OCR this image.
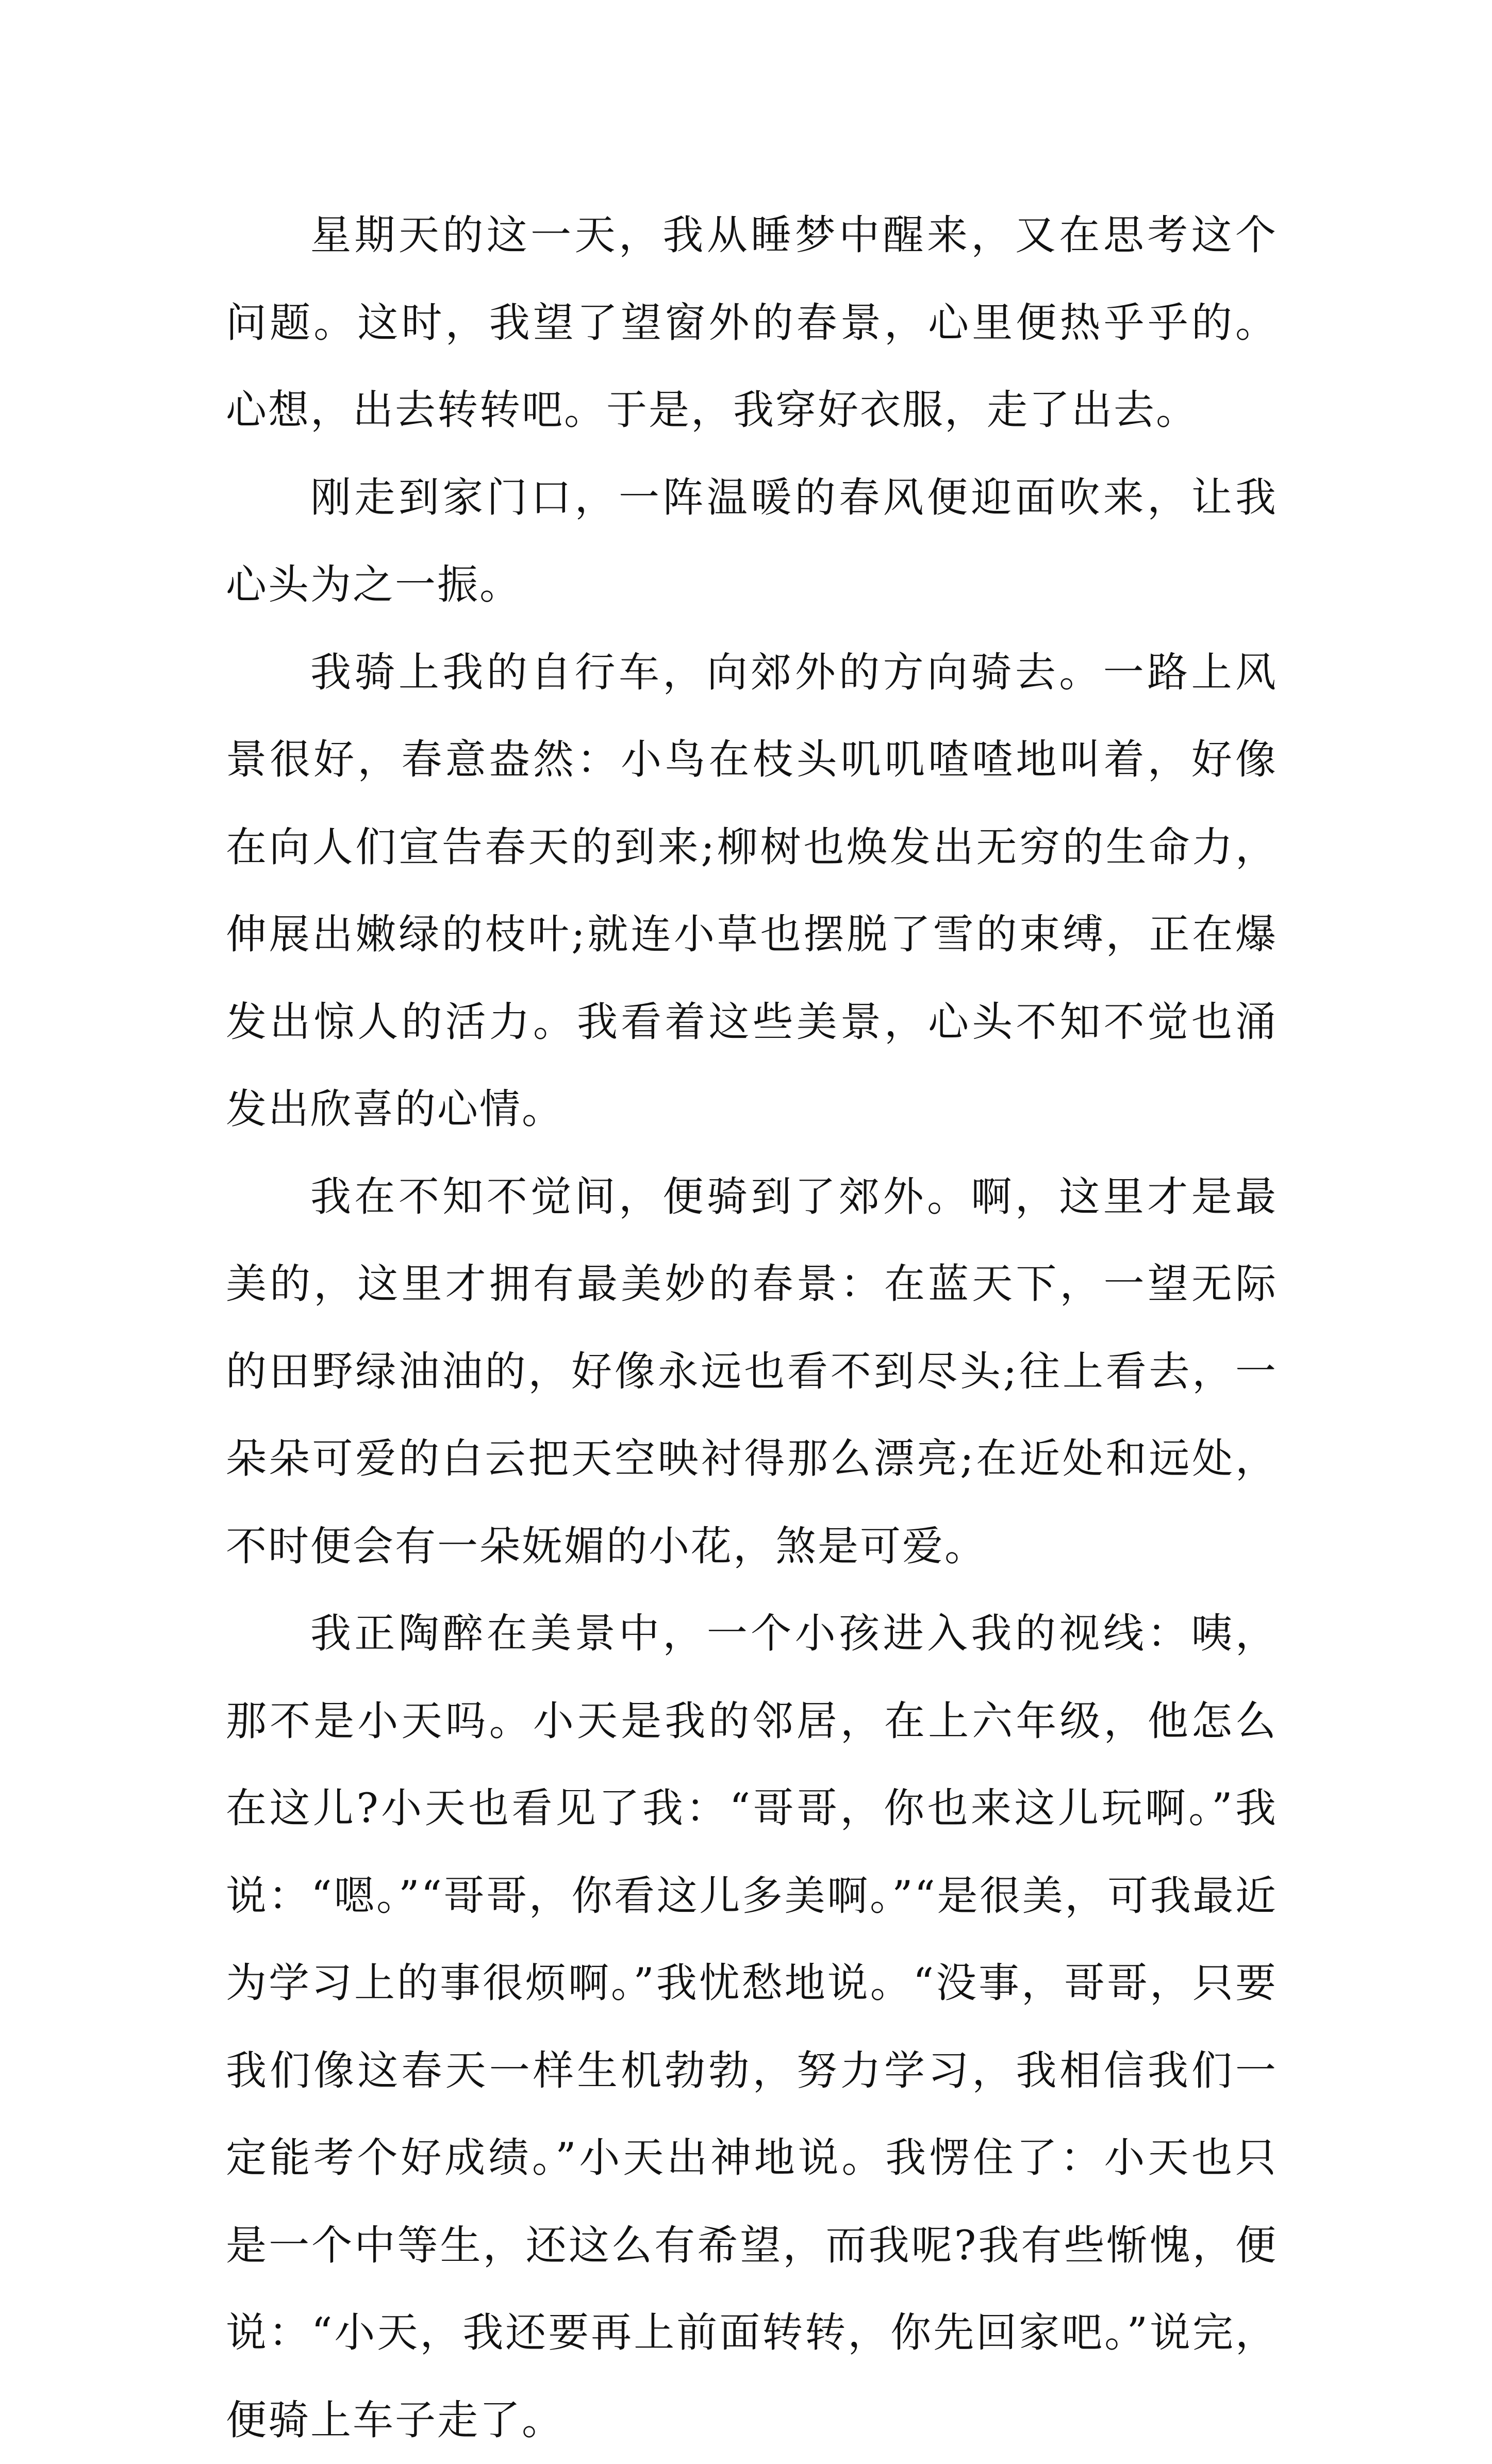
星期天的这一天，我从睡梦中醒来，又在思考这个问题。这时，我望了望窗外的春景，心里便热乎乎的。心想，出去转转吧。于是，我穿好衣服，走了出去。

刚走到家门口，一阵温暖的春风便迎面吹来，让我心头为之一振。

我骑上我的自行车，向郊外的方向骑去。一路上风景很好，春意盎然：小鸟在枝头叽叽喳喳地叫着，好像在向人们宣告春天的到来;柳树也焕发出无穷的生命力，伸展出嫩绿的枝叶;就连小草也摆脱了雪的束缚，正在爆发出惊人的活力。我看着这些美景，心头不知不觉也涌发出欣喜的心情。

我在不知不觉间，便骑到了郊外。啊，这里才是最美的，这里才拥有最美妙的春景：在蓝天下，一望无际的田野绿油油的，好像永远也看不到尽头;往上看去，一朵朵可爱的白云把天空映衬得那么漂亮;在近处和远处，不时便会有一朵妩媚的小花，煞是可爱。

我正陶醉在美景中，一个小孩进入我的视线：咦，那不是小天吗。小天是我的邻居，在上六年级，他怎么在这儿?小天也看见了我：“哥哥，你也来这儿玩啊。”我说：“嗯。”“哥哥，你看这儿多美啊。”“是很美，可我最近为学习上的事很烦啊。”我忧愁地说。“没事，哥哥，只要我们像这春天一样生机勃勃，努力学习，我相信我们一定能考个好成绩。”小天出神地说。我愣住了：小天也只是一个中等生，还这么有希望，而我呢?我有些惭愧，便说：“小天，我还要再上前面转转，你先回家吧。”说完，便骑上车子走了。
